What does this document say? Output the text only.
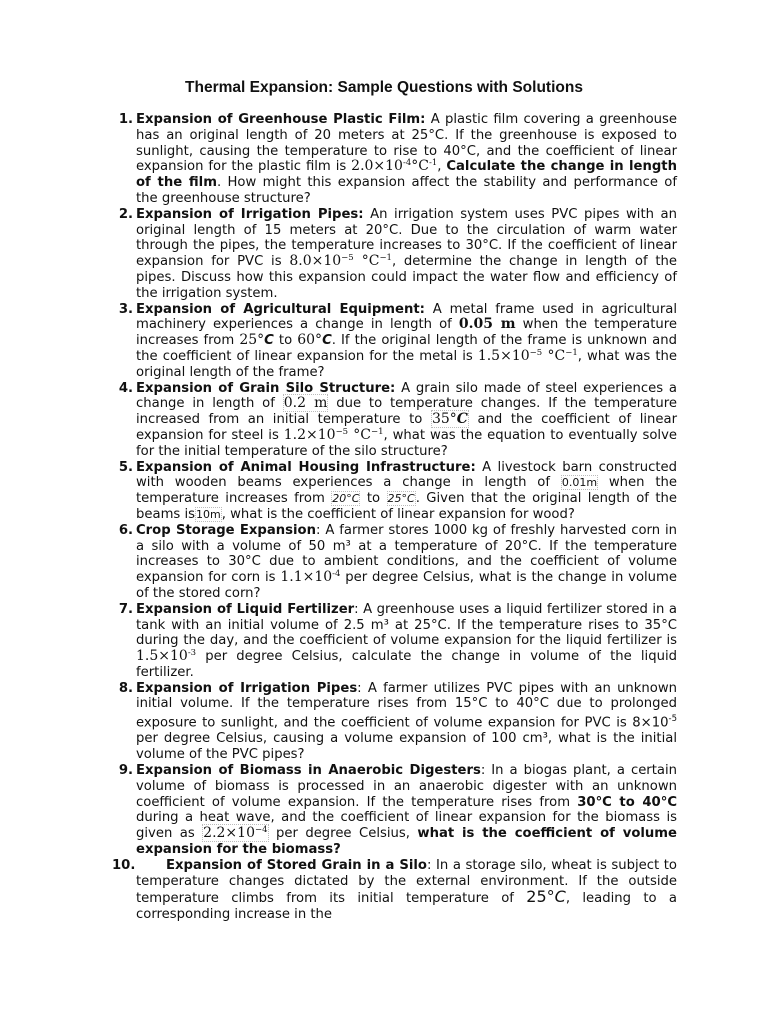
Thermal Expansion: Sample Questions with Solutions
1. Expansion of Greenhouse Plastic Film: A plastic film covering a greenhouse has an original length of 20 meters at 25°C. If the greenhouse is exposed to sunlight, causing the temperature to rise to 40°C, and the coefficient of linear expansion for the plastic film is $2.0\times 10^{-4}^\circ C^{-1}$, Calculate the change in length of the film. How might this expansion affect the stability and performance of the greenhouse structure?
2. Expansion of Irrigation Pipes: An irrigation system uses PVC pipes with an original length of 15 meters at 20°C. Due to the circulation of warm water through the pipes, the temperature increases to 30°C. If the coefficient of linear expansion for PVC is $8.0\times 10^{-5}$ $^\circ C^{-1}$, determine the change in length of the pipes. Discuss how this expansion could impact the water flow and efficiency of the irrigation system.
3. Expansion of Agricultural Equipment: A metal frame used in agricultural machinery experiences a change in length of 0.05 m when the temperature increases from 25°C to 60°C. If the original length of the frame is unknown and the coefficient of linear expansion for the metal is $1.5\times 10^{-5}$ $^\circ C^{-1}$, what was the original length of the frame?
4. Expansion of Grain Silo Structure: A grain silo made of steel experiences a change in length of 0.2 m due to temperature changes. If the temperature increased from an initial temperature to 35°C and the coefficient of linear expansion for steel is $1.2\times 10^{-5}$ $^\circ C^{-1}$, what was the equation to eventually solve for the initial temperature of the silo structure?
5. Expansion of Animal Housing Infrastructure: A livestock barn constructed with wooden beams experiences a change in length of 0.01m when the temperature increases from 20°C to 25°C. Given that the original length of the beams is10m, what is the coefficient of linear expansion for wood?
6. Crop Storage Expansion: A farmer stores 1000 kg of freshly harvested corn in a silo with a volume of 50 m³ at a temperature of 20°C. If the temperature increases to 30°C due to ambient conditions, and the coefficient of volume expansion for corn is $1.1\times 10^{-4}$ per degree Celsius, what is the change in volume of the stored corn?
7. Expansion of Liquid Fertilizer: A greenhouse uses a liquid fertilizer stored in a tank with an initial volume of 2.5 m³ at 25°C. If the temperature rises to 35°C during the day, and the coefficient of volume expansion for the liquid fertilizer is $1.5\times 10^{-3}$ per degree Celsius, calculate the change in volume of the liquid fertilizer.
8. Expansion of Irrigation Pipes: A farmer utilizes PVC pipes with an unknown initial volume. If the temperature rises from 15°C to 40°C due to prolonged exposure to sunlight, and the coefficient of volume expansion for PVC is $8\times 10^{-5}$ per degree Celsius, causing a volume expansion of 100 cm³, what is the initial volume of the PVC pipes?
9. Expansion of Biomass in Anaerobic Digesters: In a biogas plant, a certain volume of biomass is processed in an anaerobic digester with an unknown coefficient of volume expansion. If the temperature rises from 30°C to 40°C during a heat wave, and the coefficient of linear expansion for the biomass is given as $2.2\times 10^{-4}$ per degree Celsius, what is the coefficient of volume expansion for the biomass?
10. Expansion of Stored Grain in a Silo: In a storage silo, wheat is subject to temperature changes dictated by the external environment. If the outside temperature climbs from its initial temperature of 25°C, leading to a corresponding increase in the
